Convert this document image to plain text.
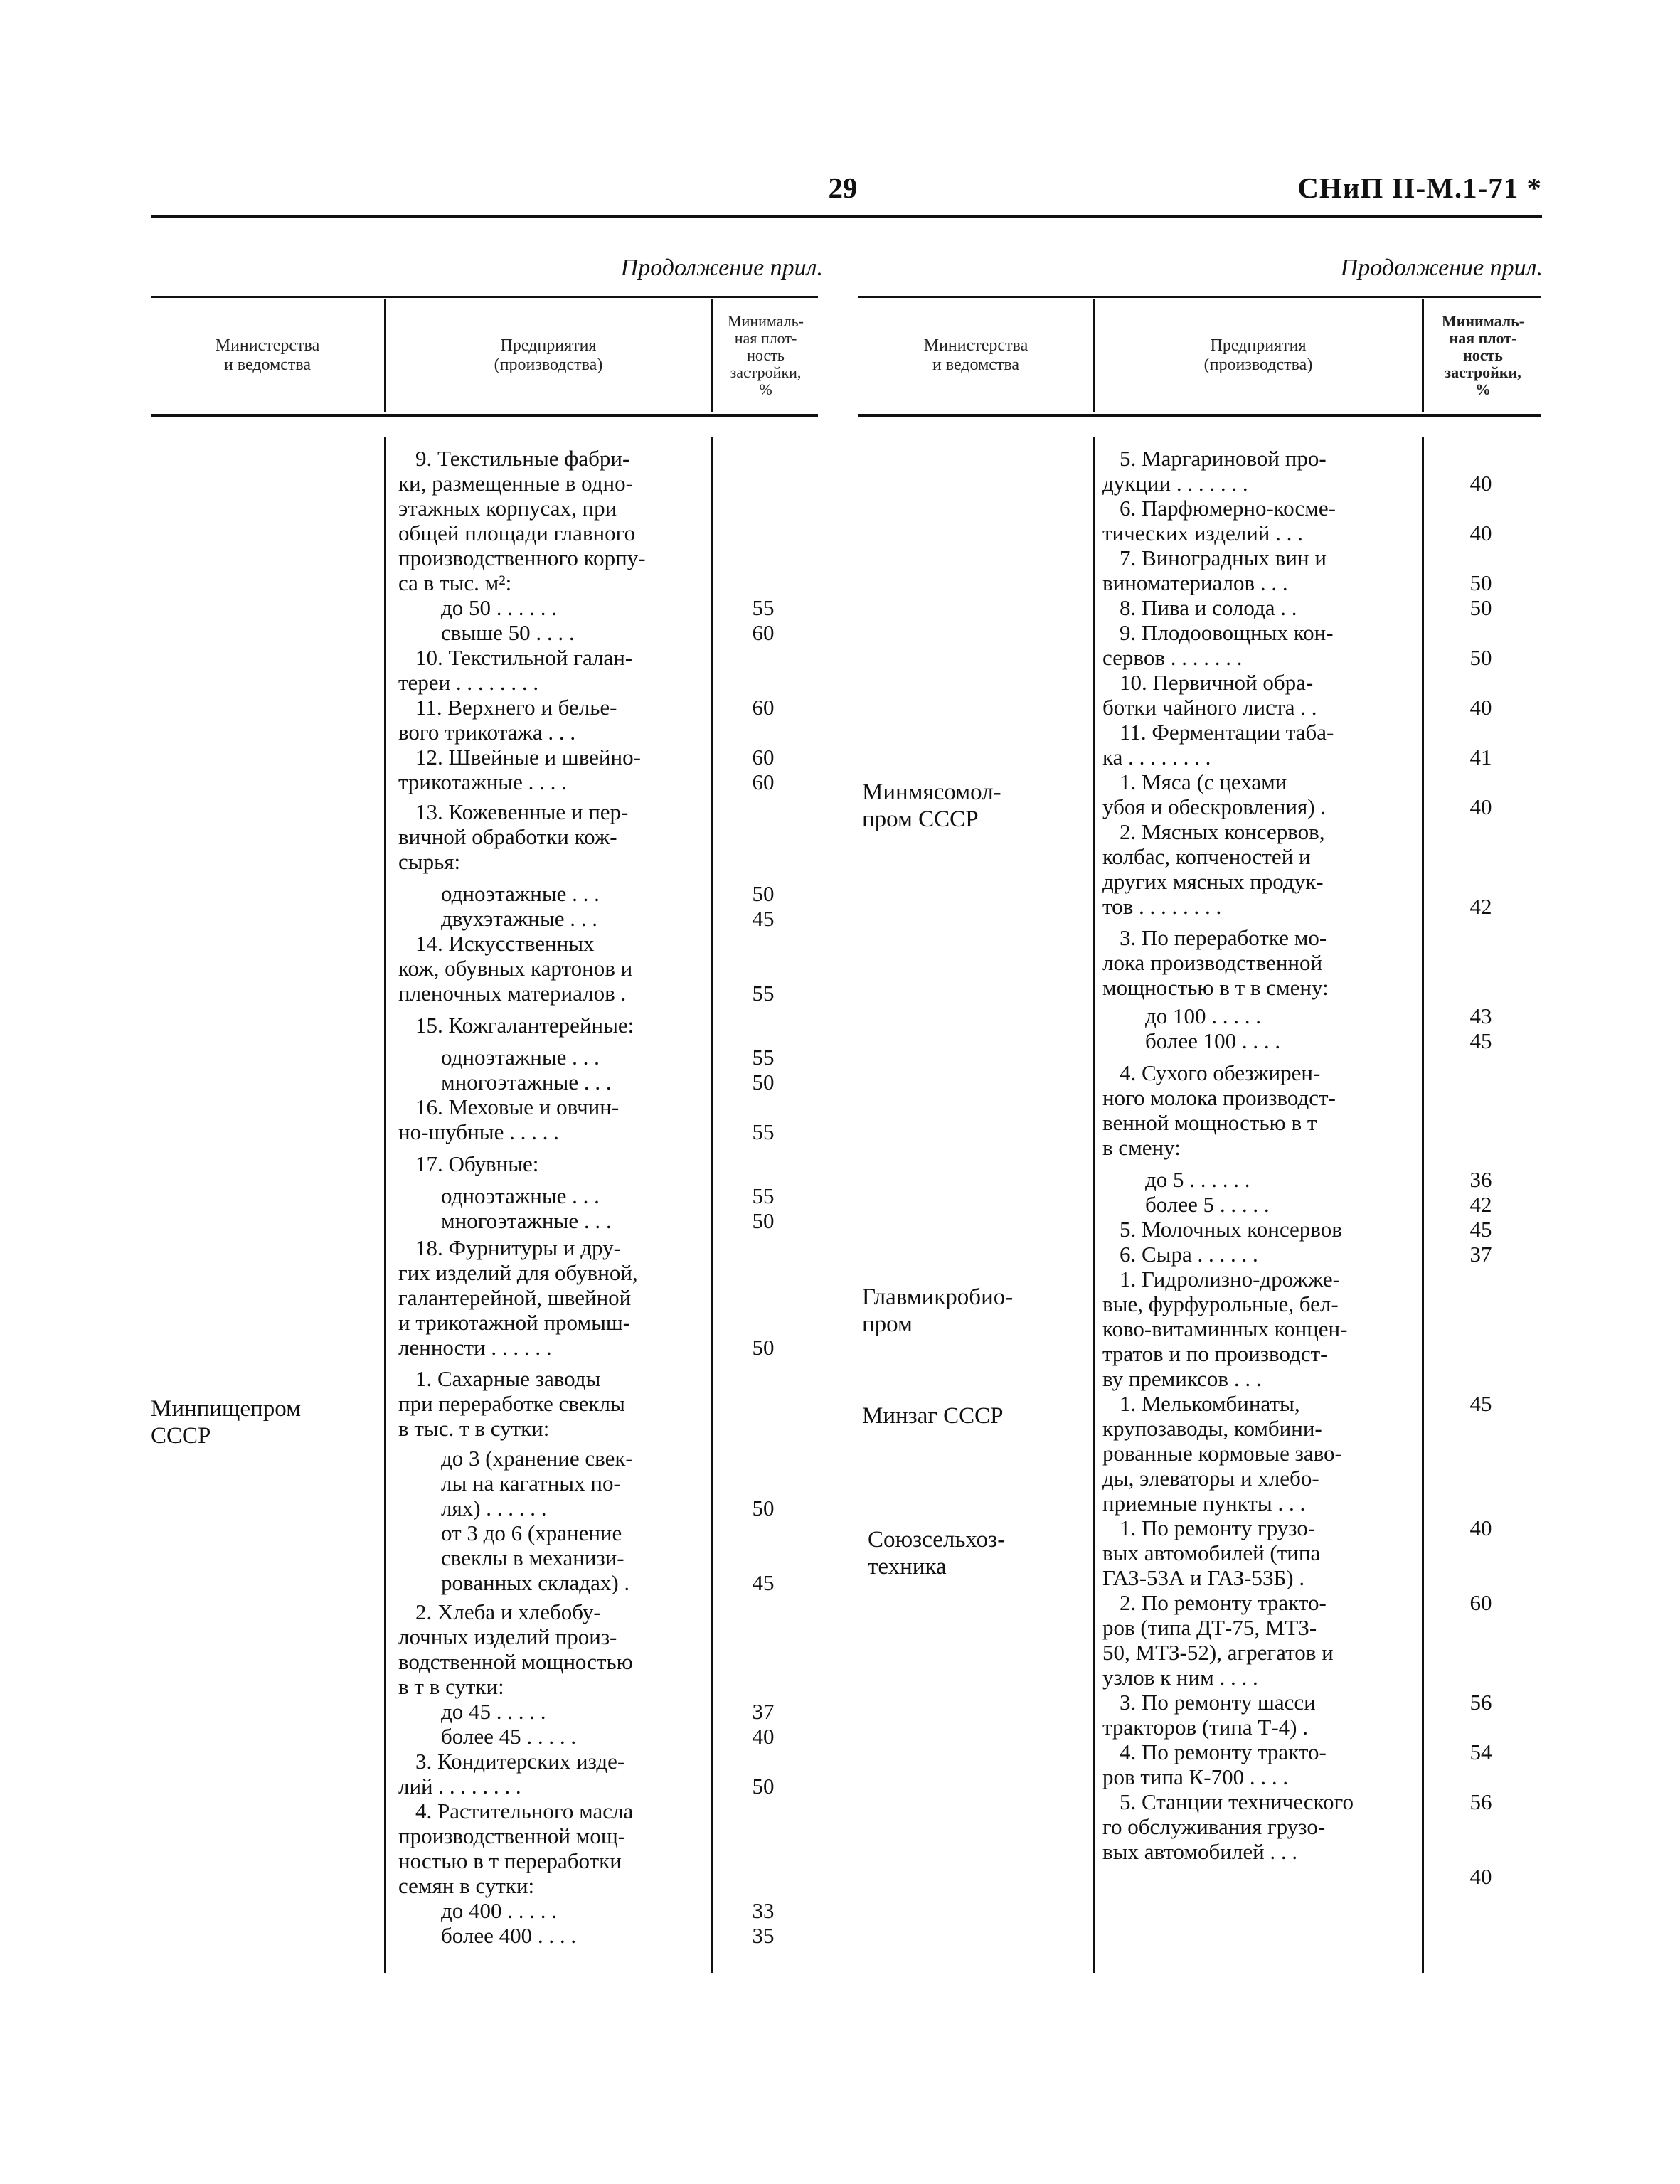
29	СНиП II-M.1-71 *
Продолжение прил.	Продолжение прил.
Министерства
и ведомства
Предприятия
(производства)
Минималь-
ная плот-
ность
застройки,
%
Министерства
и ведомства
Предприятия
(производства)
Минималь-
ная плот-
ность
застройки,
%
Минпищепром
СССР
Минмясомол-
пром СССР
Главмикробио-
пром
Минзаг СССР
Союзсельхоз-
техника
9. Текстильные фабри-
ки, размещенные в одно-
этажных корпусах, при
общей площади главного
производственного корпу-
са в тыс. м²:
до 50 . . . . . .
свыше 50 . . . .
10. Текстильной галан-
тереи . . . . . . . .
11. Верхнего и белье-
вого трикотажа . . .
12. Швейные и швейно-
трикотажные . . . .
13. Кожевенные и пер-
вичной обработки кож-
сырья:
одноэтажные . . .
двухэтажные . . .
14. Искусственных
кож, обувных картонов и
пленочных материалов .
15. Кожгалантерейные:
одноэтажные . . .
многоэтажные . . .
16. Меховые и овчин-
но-шубные . . . . .
17. Обувные:
одноэтажные . . .
многоэтажные . . .
18. Фурнитуры и дру-
гих изделий для обувной,
галантерейной, швейной
и трикотажной промыш-
ленности . . . . . .
1. Сахарные заводы
при переработке свеклы
в тыс. т в сутки:
до 3 (хранение свек-
лы на кагатных по-
лях) . . . . . .
от 3 до 6 (хранение
свеклы в механизи-
рованных складах) .
2. Хлеба и хлебобу-
лочных изделий произ-
водственной мощностью
в т в сутки:
до 45 . . . . .
более 45 . . . . .
3. Кондитерских изде-
лий . . . . . . . .
4. Растительного масла
производственной мощ-
ностью в т переработки
семян в сутки:
до 400 . . . . .
более 400 . . . .
55
60
60
60
60
50
45
55
55
50
55
55
50
50
50
45
37
40
50
33
35
5. Маргариновой про-
дукции . . . . . . .
6. Парфюмерно-косме-
тических изделий . . .
7. Виноградных вин и
виноматериалов . . .
8. Пива и солода . .
9. Плодоовощных кон-
сервов . . . . . . .
10. Первичной обра-
ботки чайного листа . .
11. Ферментации таба-
ка . . . . . . . .
1. Мяса (с цехами
убоя и обескровления) .
2. Мясных консервов,
колбас, копченостей и
других мясных продук-
тов . . . . . . . .
3. По переработке мо-
лока производственной
мощностью в т в смену:
до 100 . . . . .
более 100 . . . .
4. Сухого обезжирен-
ного молока производст-
венной мощностью в т
в смену:
до 5 . . . . . .
более 5 . . . . .
5. Молочных консервов
6. Сыра . . . . . .
1. Гидролизно-дрожже-
вые, фурфурольные, бел-
ково-витаминных концен-
тратов и по производст-
ву премиксов . . .
1. Мелькомбинаты,
крупозаводы, комбини-
рованные кормовые заво-
ды, элеваторы и хлебо-
приемные пункты . . .
1. По ремонту грузо-
вых автомобилей (типа
ГАЗ-53А и ГАЗ-53Б) .
2. По ремонту тракто-
ров (типа ДТ-75, МТЗ-
50, МТЗ-52), агрегатов и
узлов к ним . . . .
3. По ремонту шасси
тракторов (типа Т-4) .
4. По ремонту тракто-
ров типа К-700 . . . .
5. Станции технического
го обслуживания грузо-
вых автомобилей . . .
40
40
50
50
50
40
41
40
42
43
45
36
42
45
37
45
40
60
56
54
56
40
